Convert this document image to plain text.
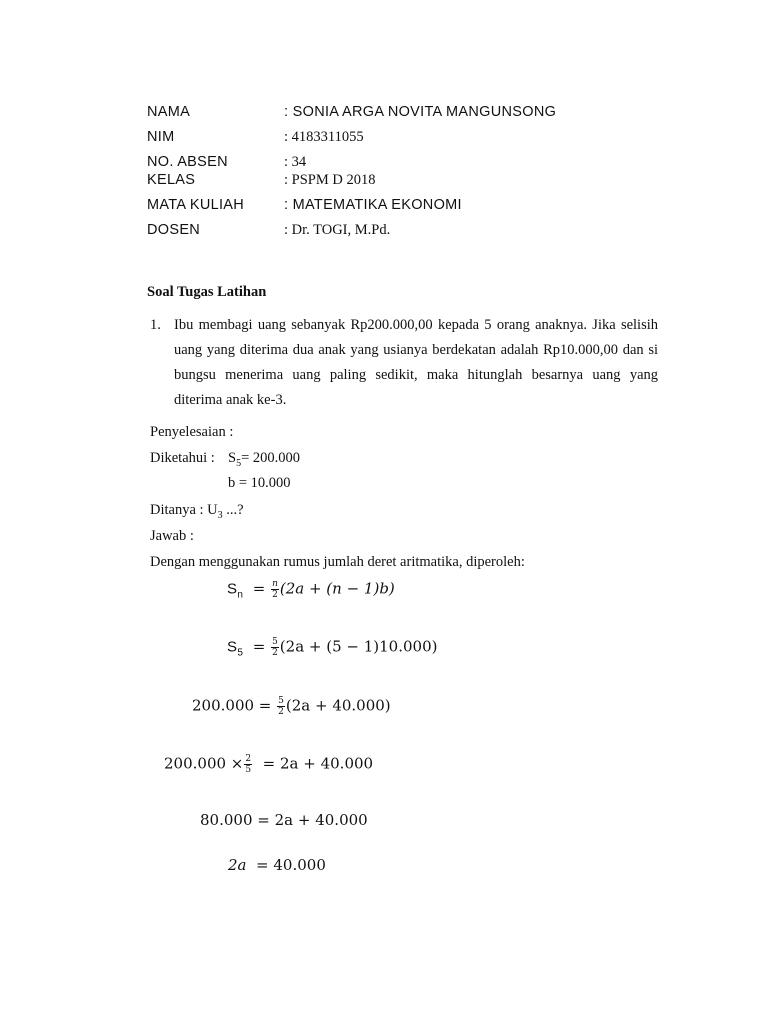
NAMA	: SONIA ARGA NOVITA MANGUNSONG
NIM	: 4183311055
NO. ABSEN	: 34
KELAS	: PSPM D 2018
MATA KULIAH	: MATEMATIKA EKONOMI
DOSEN	: Dr. TOGI, M.Pd.
Soal Tugas Latihan
1. Ibu membagi uang sebanyak Rp200.000,00 kepada 5 orang anaknya. Jika selisih uang yang diterima dua anak yang usianya berdekatan adalah Rp10.000,00 dan si bungsu menerima uang paling sedikit, maka hitunglah besarnya uang yang diterima anak ke-3.
Penyelesaian :
Diketahui : $S_5= 200.000$
b = 10.000
Ditanya : $U_3$ ...?
Jawab :
Dengan menggunakan rumus jumlah deret aritmatika, diperoleh:
$S_n = \frac{n}{2} (2a + (n - 1)b)$
$S_5 = \frac{5}{2} (2a + (5 - 1)10.000)$
$200.000 = \frac{5}{2} (2a + 40.000)$
$200.000 \times \frac{2}{5} = 2a + 40.000$
80.000 = 2a + 40.000
2a = 40.000
